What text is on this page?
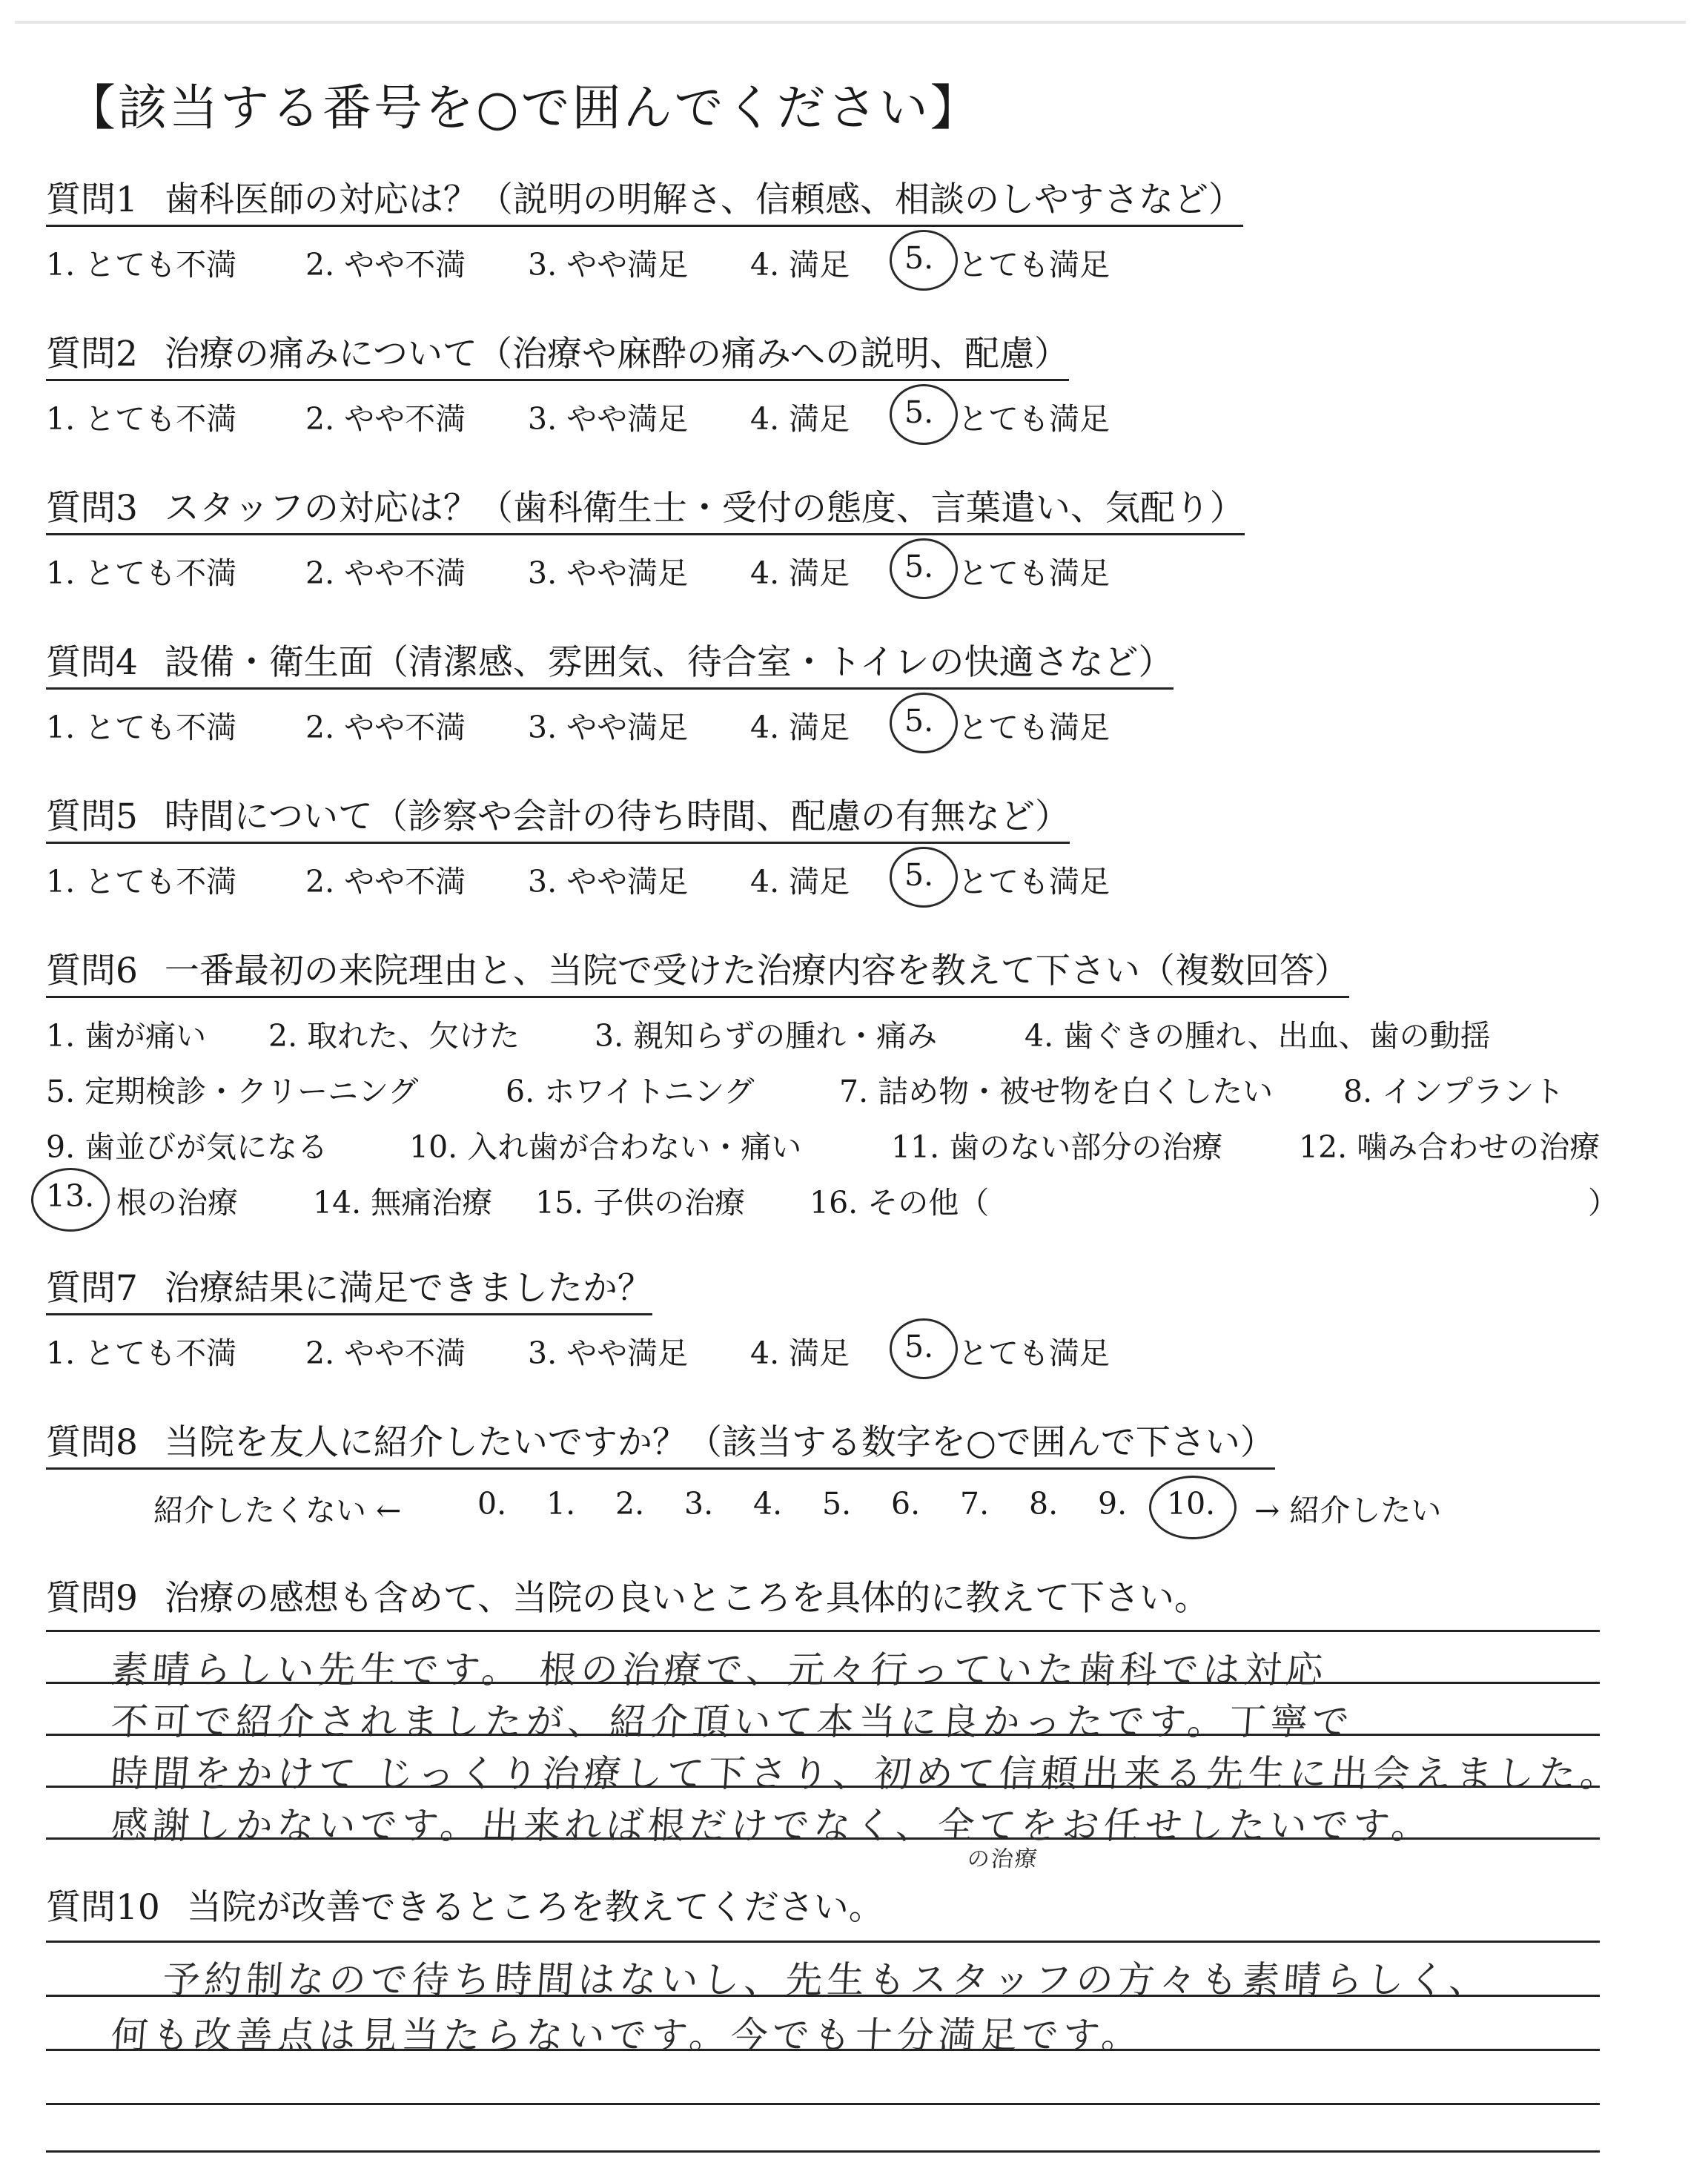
【該当する番号を○で囲んでください】
質問1 歯科医師の対応は？（説明の明解さ、信頼感、相談のしやすさなど）
1. とても不満 2. やや不満 3. やや満足 4. 満足 5. とても満足
質問2 治療の痛みについて（治療や麻酔の痛みへの説明、配慮）
1. とても不満 2. やや不満 3. やや満足 4. 満足 5. とても満足
質問3 スタッフの対応は？（歯科衛生士・受付の態度、言葉遣い、気配り）
1. とても不満 2. やや不満 3. やや満足 4. 満足 5. とても満足
質問4 設備・衛生面（清潔感、雰囲気、待合室・トイレの快適さなど）
1. とても不満 2. やや不満 3. やや満足 4. 満足 5. とても満足
質問5 時間について（診察や会計の待ち時間、配慮の有無など）
1. とても不満 2. やや不満 3. やや満足 4. 満足 5. とても満足
質問6 一番最初の来院理由と、当院で受けた治療内容を教えて下さい（複数回答）
1. 歯が痛い 2. 取れた、欠けた 3. 親知らずの腫れ・痛み	4. 歯ぐきの腫れ、出血、歯の動揺
5. 定期検診・クリーニング	6. ホワイトニング	7. 詰め物・被せ物を白くしたい 8. インプラント
9. 歯並びが気になる	10. 入れ歯が合わない・痛い	11. 歯のない部分の治療	12. 噛み合わせの治療
13. 根の治療 14. 無痛治療 15. 子供の治療 16. その他（	）
質問7 治療結果に満足できましたか？
1. とても不満 2. やや不満 3. やや満足 4. 満足 5. とても満足
質問8 当院を友人に紹介したいですか？（該当する数字を○で囲んで下さい）
紹介したくない ←	0. 1. 2. 3. 4. 5. 6. 7. 8. 9. 10. → 紹介したい
質問9 治療の感想も含めて、当院の良いところを具体的に教えて下さい。
素晴らしい先生です。 根の治療で、元々行っていた歯科では対応
不可で紹介されましたが、紹介頂いて本当に良かったです。丁寧で
時間をかけて じっくり治療して下さり、初めて信頼出来る先生に出会えました。
感謝しかないです。出来れば根だけでなく、全てをお任せしたいです。
の治療
質問10 当院が改善できるところを教えてください。
予約制なので待ち時間はないし、先生もスタッフの方々も素晴らしく、
何も改善点は見当たらないです。今でも十分満足です。
